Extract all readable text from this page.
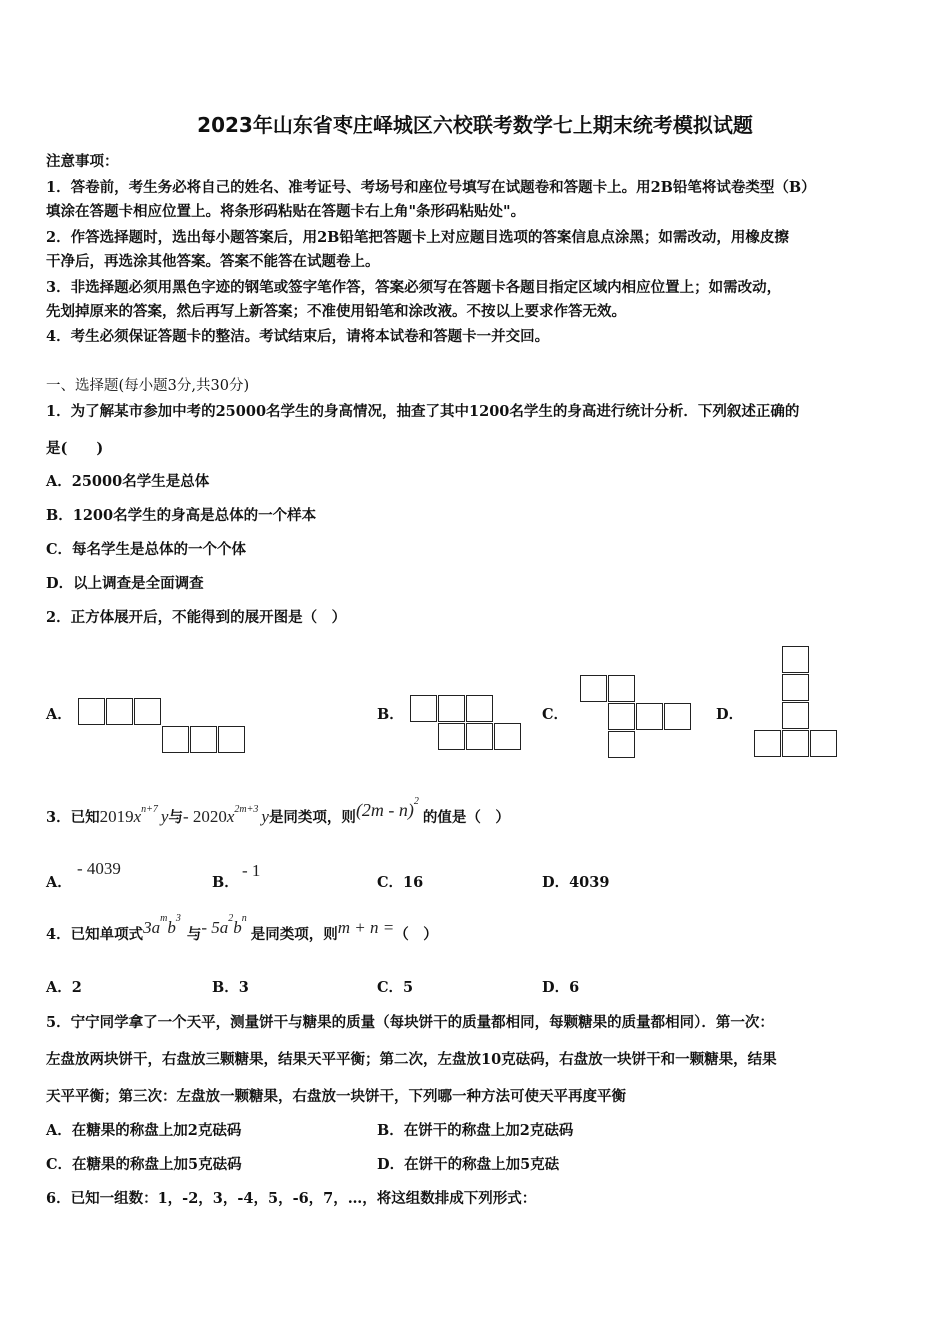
2023年山东省枣庄峄城区六校联考数学七上期末统考模拟试题
注意事项：
1．答卷前，考生务必将自己的姓名、准考证号、考场号和座位号填写在试题卷和答题卡上。用2B铅笔将试卷类型（B）
填涂在答题卡相应位置上。将条形码粘贴在答题卡右上角"条形码粘贴处"。
2．作答选择题时，选出每小题答案后，用2B铅笔把答题卡上对应题目选项的答案信息点涂黑；如需改动，用橡皮擦
干净后，再选涂其他答案。答案不能答在试题卷上。
3．非选择题必须用黑色字迹的钢笔或签字笔作答，答案必须写在答题卡各题目指定区域内相应位置上；如需改动，
先划掉原来的答案，然后再写上新答案；不准使用铅笔和涂改液。不按以上要求作答无效。
4．考生必须保证答题卡的整洁。考试结束后，请将本试卷和答题卡一并交回。
一、选择题(每小题3分,共30分)
1．为了解某市参加中考的25000名学生的身高情况，抽查了其中1200名学生的身高进行统计分析．下列叙述正确的
是(　　)
A．25000名学生是总体
B．1200名学生的身高是总体的一个样本
C．每名学生是总体的一个个体
D．以上调查是全面调查
2．正方体展开后，不能得到的展开图是（　）
A．	B．	C．	D．
3．已知$2019x^{n+7}$ y与- $2020x^{2m+3}$ y是同类项，则(2m - n)$^2$的值是（　）
A．
- 4039
B．
- 1
C．16	D．4039
4．已知单项式$3a^mb^3$与- $5a^2b^n$是同类项，则m + n =（　）
A．2	B．3	C．5	D．6
5．宁宁同学拿了一个天平，测量饼干与糖果的质量（每块饼干的质量都相同，每颗糖果的质量都相同）．第一次：
左盘放两块饼干，右盘放三颗糖果，结果天平平衡；第二次，左盘放10克砝码，右盘放一块饼干和一颗糖果，结果
天平平衡；第三次：左盘放一颗糖果，右盘放一块饼干，下列哪一种方法可使天平再度平衡
A．在糖果的称盘上加2克砝码	B．在饼干的称盘上加2克砝码
C．在糖果的称盘上加5克砝码	D．在饼干的称盘上加5克砝
6．已知一组数：1，-2，3，-4，5，-6，7，…，将这组数排成下列形式：
